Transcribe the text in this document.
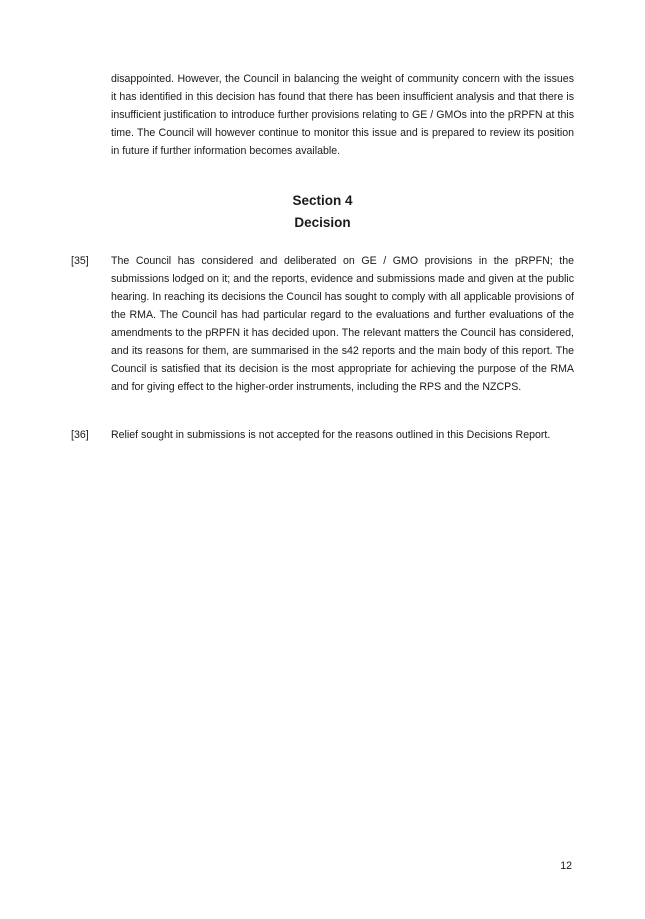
disappointed. However, the Council in balancing the weight of community concern with the issues it has identified in this decision has found that there has been insufficient analysis and that there is insufficient justification to introduce further provisions relating to GE / GMOs into the pRPFN at this time. The Council will however continue to monitor this issue and is prepared to review its position in future if further information becomes available.

Section 4
Decision
[35]	The Council has considered and deliberated on GE / GMO provisions in the pRPFN; the submissions lodged on it; and the reports, evidence and submissions made and given at the public hearing. In reaching its decisions the Council has sought to comply with all applicable provisions of the RMA. The Council has had particular regard to the evaluations and further evaluations of the amendments to the pRPFN it has decided upon. The relevant matters the Council has considered, and its reasons for them, are summarised in the s42 reports and the main body of this report. The Council is satisfied that its decision is the most appropriate for achieving the purpose of the RMA and for giving effect to the higher-order instruments, including the RPS and the NZCPS.
[36]	Relief sought in submissions is not accepted for the reasons outlined in this Decisions Report.

12
